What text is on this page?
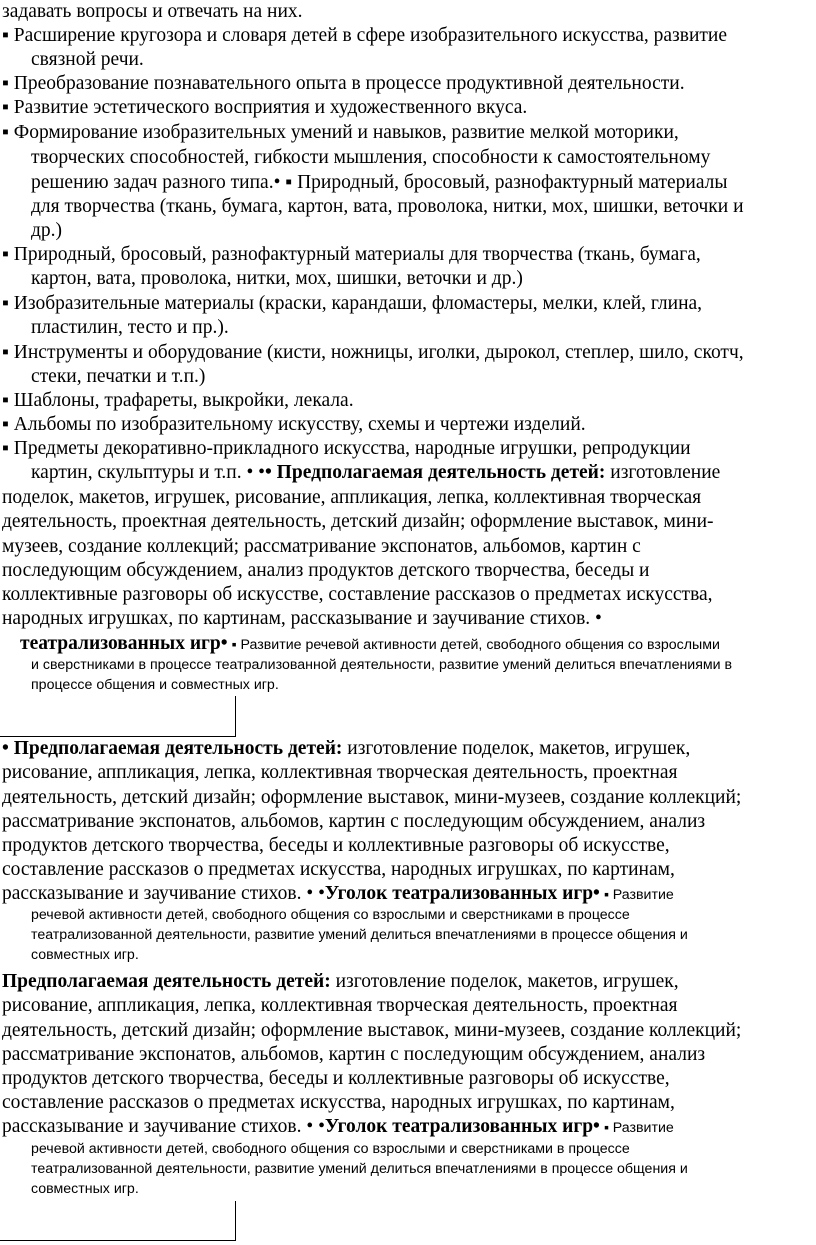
задавать вопросы и отвечать на них.
▪ Расширение кругозора и словаря детей в сфере изобразительного искусства, развитие
связной речи.
▪ Преобразование познавательного опыта в процессе продуктивной деятельности.
▪ Развитие эстетического восприятия и художественного вкуса.
▪ Формирование изобразительных умений и навыков, развитие мелкой моторики,
творческих способностей, гибкости мышления, способности к самостоятельному
решению задач разного типа.• ▪ Природный, бросовый, разнофактурный материалы
для творчества (ткань, бумага, картон, вата, проволока, нитки, мох, шишки, веточки и
др.)
▪ Природный, бросовый, разнофактурный материалы для творчества (ткань, бумага,
картон, вата, проволока, нитки, мох, шишки, веточки и др.)
▪ Изобразительные материалы (краски, карандаши, фломастеры, мелки, клей, глина,
пластилин, тесто и пр.).
▪ Инструменты и оборудование (кисти, ножницы, иголки, дырокол, степлер, шило, скотч,
стеки, печатки и т.п.)
▪ Шаблоны, трафареты, выкройки, лекала.
▪ Альбомы по изобразительному искусству, схемы и чертежи изделий.
▪ Предметы декоративно-прикладного искусства, народные игрушки, репродукции
картин, скульптуры и т.п. • •• Предполагаемая деятельность детей: изготовление
поделок, макетов, игрушек, рисование, аппликация, лепка, коллективная творческая
деятельность, проектная деятельность, детский дизайн; оформление выставок, мини-
музеев, создание коллекций; рассматривание экспонатов, альбомов, картин с
последующим обсуждением, анализ продуктов детского творчества, беседы и
коллективные разговоры об искусстве, составление рассказов о предметах искусства,
народных игрушках, по картинам, рассказывание и заучивание стихов. •
театрализованных игр• ▪ Развитие речевой активности детей, свободного общения со взрослыми
и сверстниками в процессе театрализованной деятельности, развитие умений делиться впечатлениями в
процессе общения и совместных игр.
• Предполагаемая деятельность детей: изготовление поделок, макетов, игрушек,
рисование, аппликация, лепка, коллективная творческая деятельность, проектная
деятельность, детский дизайн; оформление выставок, мини-музеев, создание коллекций;
рассматривание экспонатов, альбомов, картин с последующим обсуждением, анализ
продуктов детского творчества, беседы и коллективные разговоры об искусстве,
составление рассказов о предметах искусства, народных игрушках, по картинам,
рассказывание и заучивание стихов. • •Уголок театрализованных игр• ▪ Развитие
речевой активности детей, свободного общения со взрослыми и сверстниками в процессе
театрализованной деятельности, развитие умений делиться впечатлениями в процессе общения и
совместных игр.
Предполагаемая деятельность детей: изготовление поделок, макетов, игрушек,
рисование, аппликация, лепка, коллективная творческая деятельность, проектная
деятельность, детский дизайн; оформление выставок, мини-музеев, создание коллекций;
рассматривание экспонатов, альбомов, картин с последующим обсуждением, анализ
продуктов детского творчества, беседы и коллективные разговоры об искусстве,
составление рассказов о предметах искусства, народных игрушках, по картинам,
рассказывание и заучивание стихов. • •Уголок театрализованных игр• ▪ Развитие
речевой активности детей, свободного общения со взрослыми и сверстниками в процессе
театрализованной деятельности, развитие умений делиться впечатлениями в процессе общения и
совместных игр.
